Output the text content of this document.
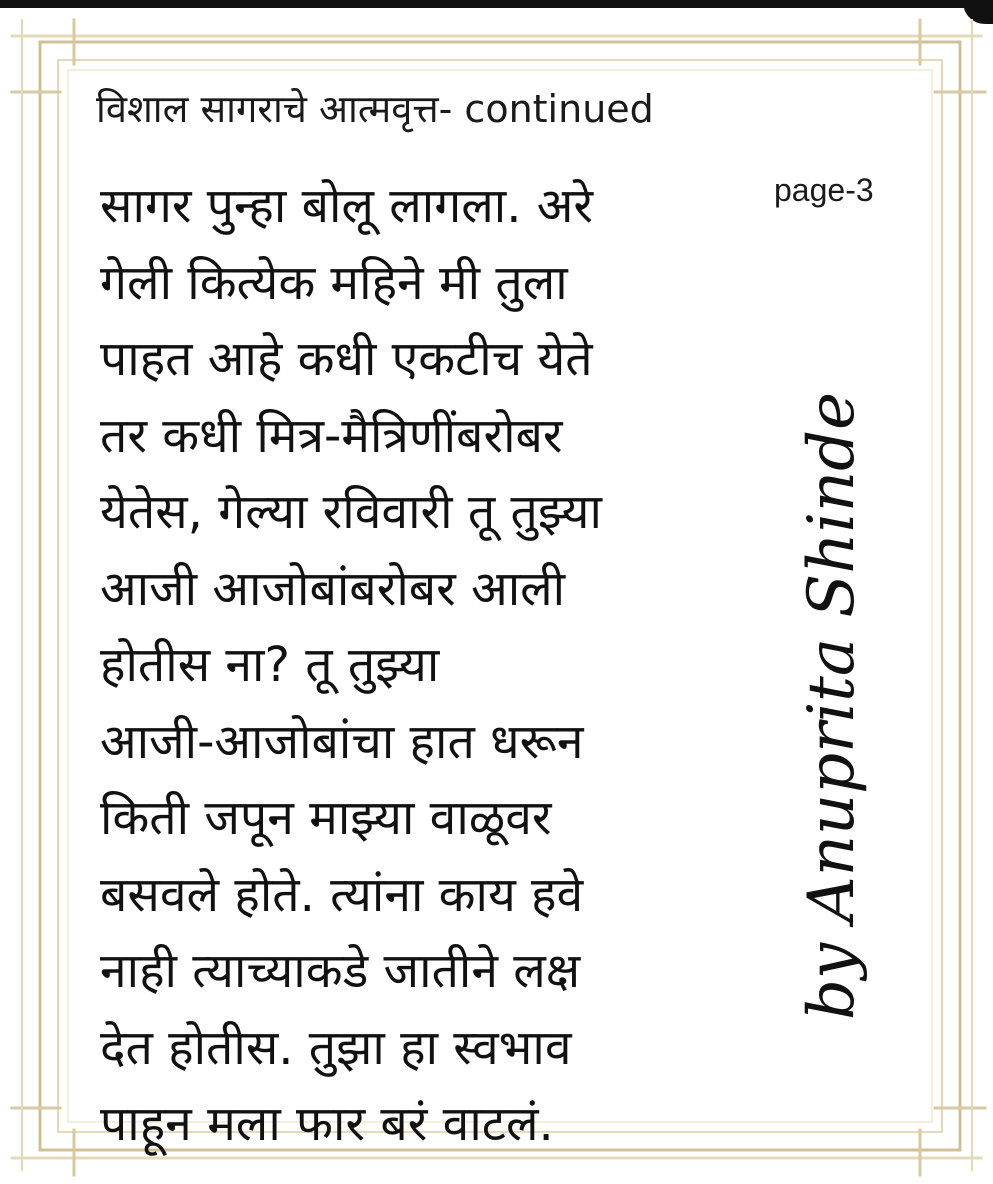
विशाल सागराचे आत्मवृत्त- continued
page-3
सागर पुन्हा बोलू लागला. अरे
गेली कित्येक महिने मी तुला
पाहत आहे कधी एकटीच येते
तर कधी मित्र-मैत्रिणींबरोबर
येतेस, गेल्या रविवारी तू तुझ्या
आजी आजोबांबरोबर आली
होतीस ना? तू तुझ्या
आजी-आजोबांचा हात धरून
किती जपून माझ्या वाळूवर
बसवले होते. त्यांना काय हवे
नाही त्याच्याकडे जातीने लक्ष
देत होतीस. तुझा हा स्वभाव
पाहून मला फार बरं वाटलं.
by Anuprita Shinde
